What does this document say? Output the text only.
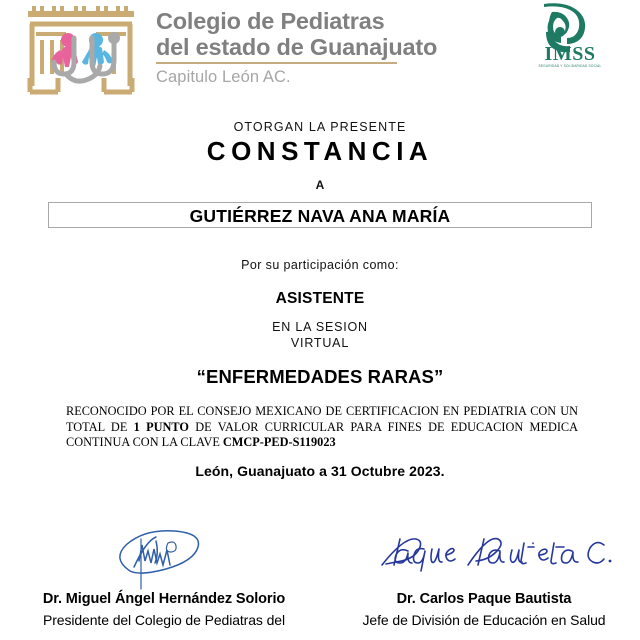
Colegio de Pediatras
del estado de Guanajuato
Capitulo León AC.
IMSS
SEGURIDAD Y SOLIDARIDAD SOCIAL
OTORGAN LA PRESENTE
CONSTANCIA
A
GUTIÉRREZ NAVA ANA MARÍA
Por su participación como:
ASISTENTE
EN LA SESION
VIRTUAL
“ENFERMEDADES RARAS”
RECONOCIDO POR EL CONSEJO MEXICANO DE CERTIFICACION EN PEDIATRIA CON UN TOTAL DE 1 PUNTO DE VALOR CURRICULAR PARA FINES DE EDUCACION MEDICA CONTINUA CON LA CLAVE CMCP-PED-S119023
León, Guanajuato a 31 Octubre 2023.
Dr. Miguel Ángel Hernández Solorio
Presidente del Colegio de Pediatras del
Dr. Carlos Paque Bautista
Jefe de División de Educación en Salud
